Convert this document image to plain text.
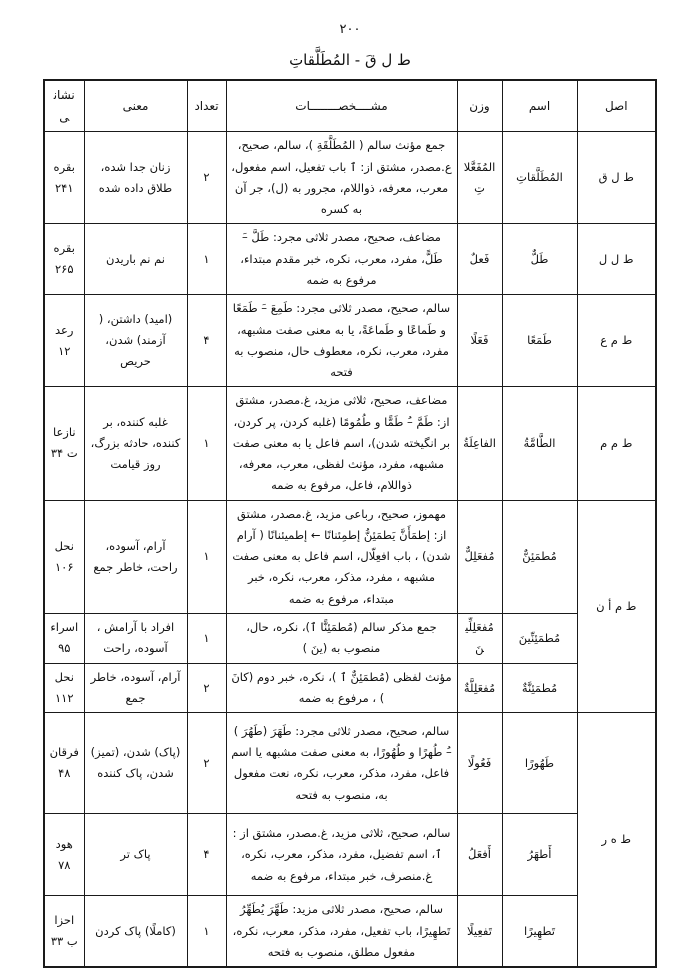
٢٠٠
ط ل قَ - المُطَلَّقاتِ
اصل	اسم	وزن	مشــــخصــــــــات	تعداد	معنی	نشانی
ط ل ق	المُطَلَّقاتِ	المُفَعَّلاتِ	جمع مؤنث سالم ( المُطَلَّقَةِ )، سالم، صحیح، ع.مصدر، مشتق از: ٱ باب تفعیل، اسم مفعول، معرب، معرفه، ذواللام، مجرور به (ل)، جر آن به کسره	٢	زنان جدا شده، طلاق داده شده	بقره ٢۴١
ط ل ل	طَلٌّ	فَعلٌ	مضاعف، صحیح، مصدر ثلاثی مجرد: طَلَّ –َ طَلًّ، مفرد، معرب، نکره، خبر مقدم مبتداء، مرفوع به ضمه	١	نم نم باریدن	بقره ٢۶۵
ط م ع	طَمَعًا	فَعَلًا	سالم، صحیح، مصدر ثلاثی مجرد: طَمِعَ –َ طَمَعًا و طَماعًا و طَماعَةً، یا به معنی صفت مشبهه، مفرد، معرب، نکره، معطوف حال، منصوب به فتحه	۴	(امید) داشتن، ( آزمند) شدن، حریص	رعد ١٢
ط م م	الطَّامَّةُ	الفاعِلَةُ	مضاعف، صحیح، ثلاثی مزید، غ.مصدر، مشتق از: طَمَّ –ُ طَمًّا و طُمُومًا (غلبه کردن، پر کردن، بر انگیخته شدن)، اسم فاعل یا به معنی صفت مشبهه، مفرد، مؤنث لفظی، معرب، معرفه، ذواللام، فاعل، مرفوع به ضمه	١	غلبه کننده، بر کننده، حادثه بزرگ، روز قیامت	نازعات ٣۴
ط م أ ن	مُطمَئِنٌّ	مُفعَلِلٌّ	مهموز، صحیح، رباعی مزید، غ.مصدر، مشتق از: إطمَأَنَّ یَطمَئِنُّ إطمِئنانًا ← إطمیئنانًا ( آرام شدن) ، باب افعِلّال، اسم فاعل به معنی صفت مشبهه ، مفرد، مذکر، معرب، نکره، خبر مبتداء، مرفوع به ضمه	١	آرام، آسوده، راحت، خاطر جمع	نحل ١٠۶
	مُطمَئِنِّینَ	مُفعَلِلِّینَ	جمع مذکر سالم (مُطمَئِنًّا ٱ)، نکره، حال، منصوب به (ینَ )	١	افراد با آرامش ، آسوده، راحت	اسراء ٩۵
	مُطمَئِنَّةٌ	مُفعَلِلَّةٌ	مؤنث لفظی (مُطمَئِنٌّ ٱ )، نکره، خبر دوم (کانَ ) ، مرفوع به ضمه	٢	آرام، آسوده، خاطر جمع	نحل ١١٢
ط ه ر	طَهُورًا	فَعُولًا	سالم، صحیح، مصدر ثلاثی مجرد: طَهَرَ (طَهُرَ ) –ُ طُهرًا و طُهُورًا، به معنی صفت مشبهه یا اسم فاعل، مفرد، مذکر، معرب، نکره، نعت مفعول به، منصوب به فتحه	٢	(پاک) شدن، (تمیز) شدن، پاک کننده	فرقان ۴٨
	أَطهَرُ	أَفعَلُ	سالم، صحیح، ثلاثی مزید، غ.مصدر، مشتق از : ٱ، اسم تفضیل، مفرد، مذکر، معرب، نکره، غ.منصرف، خبر مبتداء، مرفوع به ضمه	۴	پاک تر	هود ٧٨
	تَطهِیرًا	تَفعِیلًا	سالم، صحیح، مصدر ثلاثی مزید: طَهَّرَ یُطَهِّرُ تَطهِیرًا، باب تفعیل، مفرد، مذکر، معرب، نکره، مفعول مطلق، منصوب به فتحه	١	(کاملًا) پاک کردن	احزاب ٣٣
